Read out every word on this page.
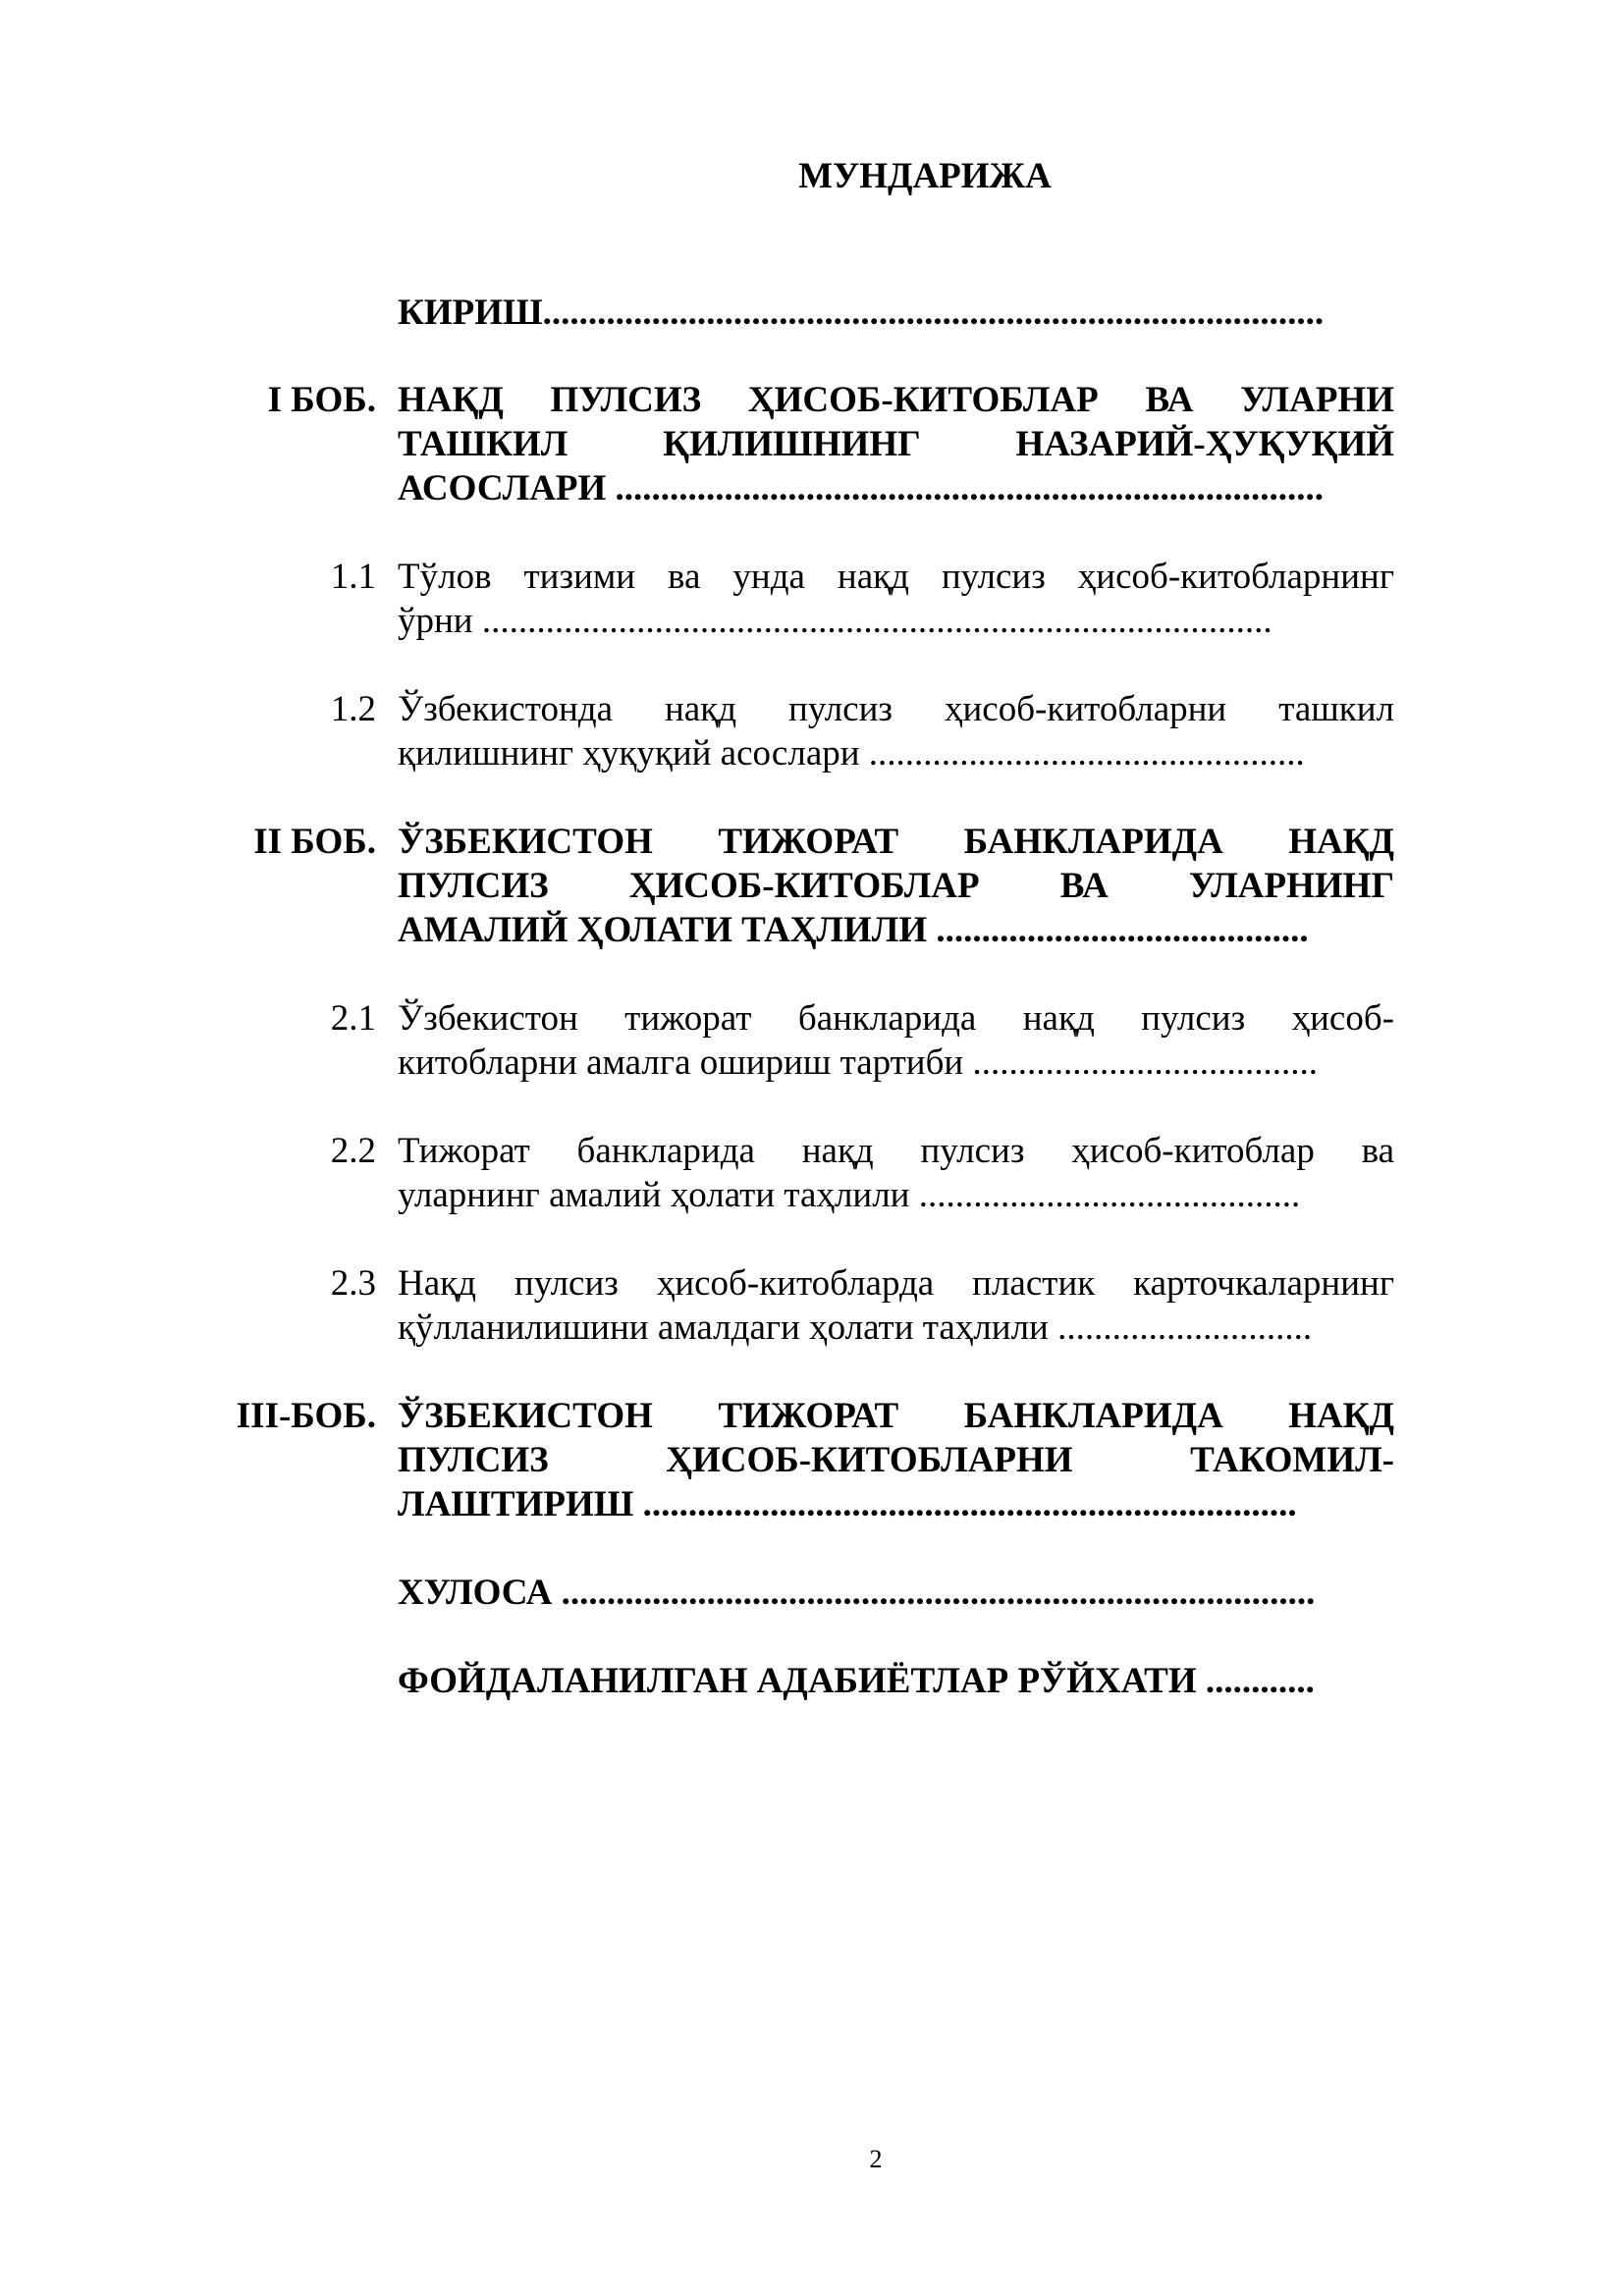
МУНДАРИЖА
КИРИШ......................................................................................
I БОБ. НАҚД ПУЛСИЗ ҲИСОБ-КИТОБЛАР ВА УЛАРНИ
ТАШКИЛ ҚИЛИШНИНГ НАЗАРИЙ-ҲУҚУҚИЙ
АСОСЛАРИ ..............................................................................
1.1 Тўлов тизими ва унда нақд пулсиз ҳисоб-китобларнинг
ўрни .......................................................................................
1.2 Ўзбекистонда нақд пулсиз ҳисоб-китобларни ташкил
қилишнинг ҳуқуқий асослари ................................................
II БОБ. ЎЗБЕКИСТОН ТИЖОРАТ БАНКЛАРИДА НАҚД
ПУЛСИЗ ҲИСОБ-КИТОБЛАР ВА УЛАРНИНГ
АМАЛИЙ ҲОЛАТИ ТАҲЛИЛИ .........................................
2.1 Ўзбекистон тижорат банкларида нақд пулсиз ҳисоб-
китобларни амалга ошириш тартиби ......................................
2.2 Тижорат банкларида нақд пулсиз ҳисоб-китоблар ва
уларнинг амалий ҳолати таҳлили ..........................................
2.3 Нақд пулсиз ҳисоб-китобларда пластик карточкаларнинг
қўлланилишини амалдаги ҳолати таҳлили ............................
III-БОБ. ЎЗБЕКИСТОН ТИЖОРАТ БАНКЛАРИДА НАҚД
ПУЛСИЗ ҲИСОБ-КИТОБЛАРНИ ТАКОМИЛ-
ЛАШТИРИШ ........................................................................
ХУЛОСА ...................................................................................
ФОЙДАЛАНИЛГАН АДАБИЁТЛАР РЎЙХАТИ ............
2
